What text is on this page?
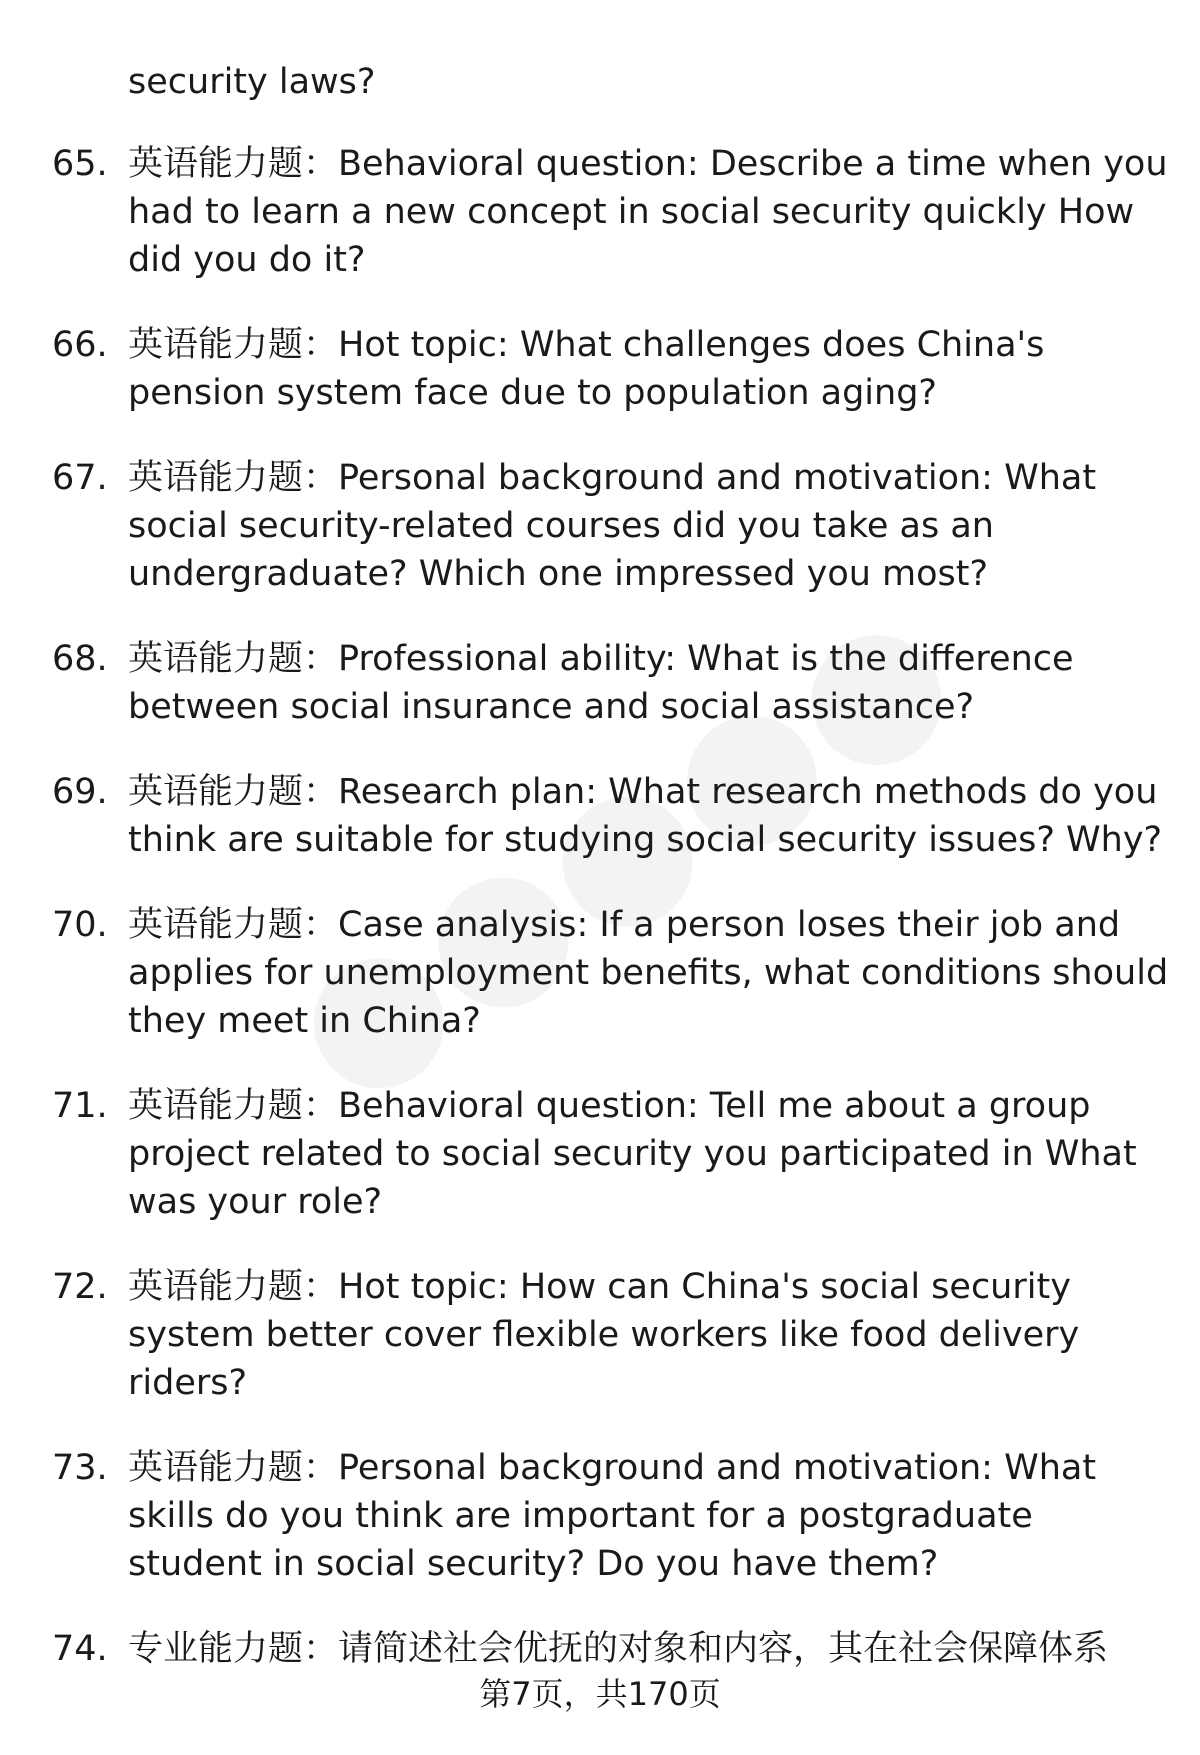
security laws?
65. 英语能力题：Behavioral question: Describe a time when you
had to learn a new concept in social security quickly How
did you do it?
66. 英语能力题：Hot topic: What challenges does China's
pension system face due to population aging?
67. 英语能力题：Personal background and motivation: What
social security-related courses did you take as an
undergraduate? Which one impressed you most?
68. 英语能力题：Professional ability: What is the difference
between social insurance and social assistance?
69. 英语能力题：Research plan: What research methods do you
think are suitable for studying social security issues? Why?
70. 英语能力题：Case analysis: If a person loses their job and
applies for unemployment benefits, what conditions should
they meet in China?
71. 英语能力题：Behavioral question: Tell me about a group
project related to social security you participated in What
was your role?
72. 英语能力题：Hot topic: How can China's social security
system better cover flexible workers like food delivery
riders?
73. 英语能力题：Personal background and motivation: What
skills do you think are important for a postgraduate
student in social security? Do you have them?
74. 专业能力题：请简述社会优抚的对象和内容，其在社会保障体系
第7页，共170页
